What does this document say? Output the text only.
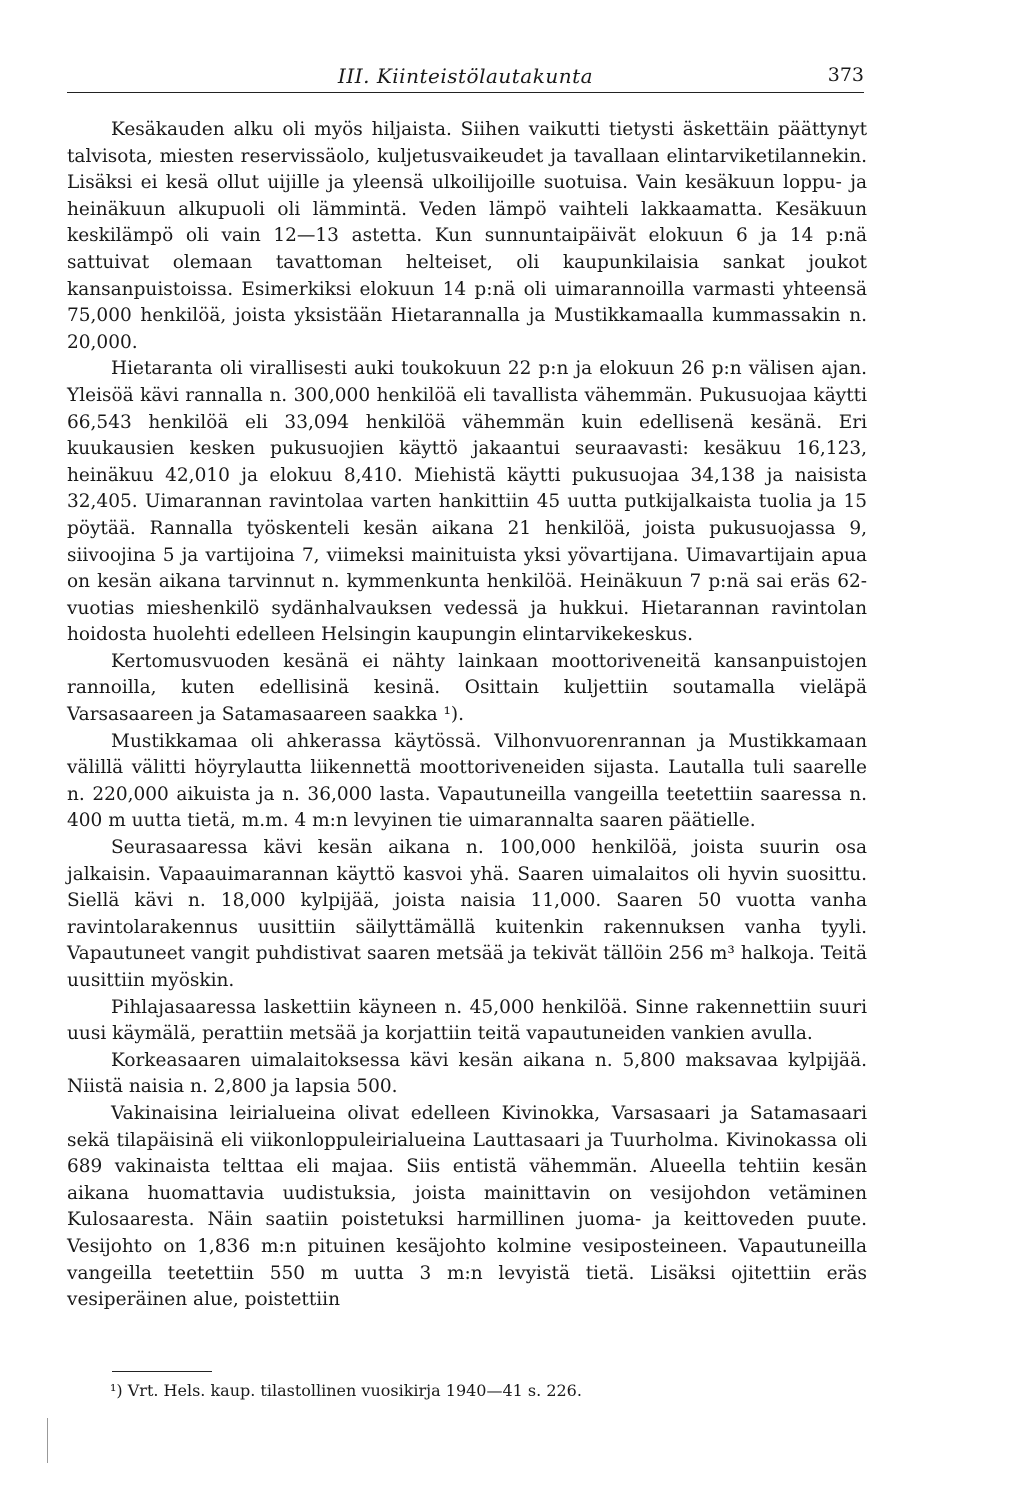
III. Kiinteistölautakunta	373

Kesäkauden alku oli myös hiljaista. Siihen vaikutti tietysti äskettäin päättynyt talvisota, miesten reservissäolo, kuljetusvaikeudet ja tavallaan elintarviketilannekin. Lisäksi ei kesä ollut uijille ja yleensä ulkoilijoille suotuisa. Vain kesäkuun loppu- ja heinäkuun alkupuoli oli lämmintä. Veden lämpö vaihteli lakkaamatta. Kesäkuun keskilämpö oli vain 12—13 astetta. Kun sunnuntaipäivät elokuun 6 ja 14 p:nä sattuivat olemaan tavattoman helteiset, oli kaupunkilaisia sankat joukot kansanpuistoissa. Esimerkiksi elokuun 14 p:nä oli uimarannoilla varmasti yhteensä 75,000 henkilöä, joista yksistään Hietarannalla ja Mustikkamaalla kummassakin n. 20,000.

Hietaranta oli virallisesti auki toukokuun 22 p:n ja elokuun 26 p:n välisen ajan. Yleisöä kävi rannalla n. 300,000 henkilöä eli tavallista vähemmän. Pukusuojaa käytti 66,543 henkilöä eli 33,094 henkilöä vähemmän kuin edellisenä kesänä. Eri kuukausien kesken pukusuojien käyttö jakaantui seuraavasti: kesäkuu 16,123, heinäkuu 42,010 ja elokuu 8,410. Miehistä käytti pukusuojaa 34,138 ja naisista 32,405. Uimarannan ravintolaa varten hankittiin 45 uutta putkijalkaista tuolia ja 15 pöytää. Rannalla työskenteli kesän aikana 21 henkilöä, joista pukusuojassa 9, siivoojina 5 ja vartijoina 7, viimeksi mainituista yksi yövartijana. Uimavartijain apua on kesän aikana tarvinnut n. kymmenkunta henkilöä. Heinäkuun 7 p:nä sai eräs 62-vuotias mieshenkilö sydänhalvauksen vedessä ja hukkui. Hietarannan ravintolan hoidosta huolehti edelleen Helsingin kaupungin elintarvikekeskus.

Kertomusvuoden kesänä ei nähty lainkaan moottoriveneitä kansanpuistojen rannoilla, kuten edellisinä kesinä. Osittain kuljettiin soutamalla vieläpä Varsasaareen ja Satamasaareen saakka ¹).

Mustikkamaa oli ahkerassa käytössä. Vilhonvuorenrannan ja Mustikkamaan välillä välitti höyrylautta liikennettä moottoriveneiden sijasta. Lautalla tuli saarelle n. 220,000 aikuista ja n. 36,000 lasta. Vapautuneilla vangeilla teetettiin saaressa n. 400 m uutta tietä, m.m. 4 m:n levyinen tie uimarannalta saaren päätielle.

Seurasaaressa kävi kesän aikana n. 100,000 henkilöä, joista suurin osa jalkaisin. Vapaauimarannan käyttö kasvoi yhä. Saaren uimalaitos oli hyvin suosittu. Siellä kävi n. 18,000 kylpijää, joista naisia 11,000. Saaren 50 vuotta vanha ravintolarakennus uusittiin säilyttämällä kuitenkin rakennuksen vanha tyyli. Vapautuneet vangit puhdistivat saaren metsää ja tekivät tällöin 256 m³ halkoja. Teitä uusittiin myöskin.

Pihlajasaaressa laskettiin käyneen n. 45,000 henkilöä. Sinne rakennettiin suuri uusi käymälä, perattiin metsää ja korjattiin teitä vapautuneiden vankien avulla.

Korkeasaaren uimalaitoksessa kävi kesän aikana n. 5,800 maksavaa kylpijää. Niistä naisia n. 2,800 ja lapsia 500.

Vakinaisina leirialueina olivat edelleen Kivinokka, Varsasaari ja Satamasaari sekä tilapäisinä eli viikonloppuleirialueina Lauttasaari ja Tuurholma. Kivinokassa oli 689 vakinaista telttaa eli majaa. Siis entistä vähemmän. Alueella tehtiin kesän aikana huomattavia uudistuksia, joista mainittavin on vesijohdon vetäminen Kulosaaresta. Näin saatiin poistetuksi harmillinen juoma- ja keittoveden puute. Vesijohto on 1,836 m:n pituinen kesäjohto kolmine vesiposteineen. Vapautuneilla vangeilla teetettiin 550 m uutta 3 m:n levyistä tietä. Lisäksi ojitettiin eräs vesiperäinen alue, poistettiin

¹) Vrt. Hels. kaup. tilastollinen vuosikirja 1940—41 s. 226.
